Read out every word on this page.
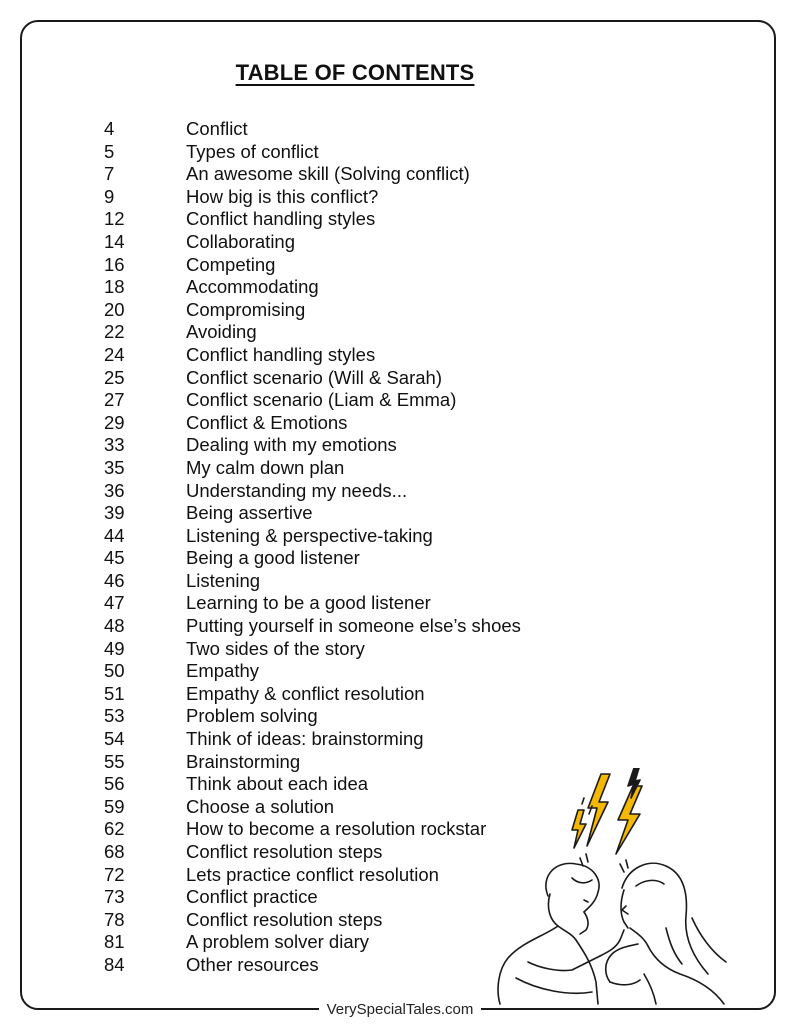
TABLE OF CONTENTS
4	Conflict
5	Types of conflict
7	An awesome skill (Solving conflict)
9	How big is this conflict?
12	Conflict handling styles
14	Collaborating
16	Competing
18	Accommodating
20	Compromising
22	Avoiding
24	Conflict handling styles
25	Conflict scenario (Will & Sarah)
27	Conflict scenario (Liam & Emma)
29	Conflict & Emotions
33	Dealing with my emotions
35	My calm down plan
36	Understanding my needs...
39	Being assertive
44	Listening & perspective-taking
45	Being a good listener
46	Listening
47	Learning to be a good listener
48	Putting yourself in someone else’s shoes
49	Two sides of the story
50	Empathy
51	Empathy & conflict resolution
53	Problem solving
54	Think of ideas: brainstorming
55	Brainstorming
56	Think about each idea
59	Choose a solution
62	How to become a resolution rockstar
68	Conflict resolution steps
72	Lets practice conflict resolution
73	Conflict practice
78	Conflict resolution steps
81	A problem solver diary
84	Other resources
VerySpecialTales.com
